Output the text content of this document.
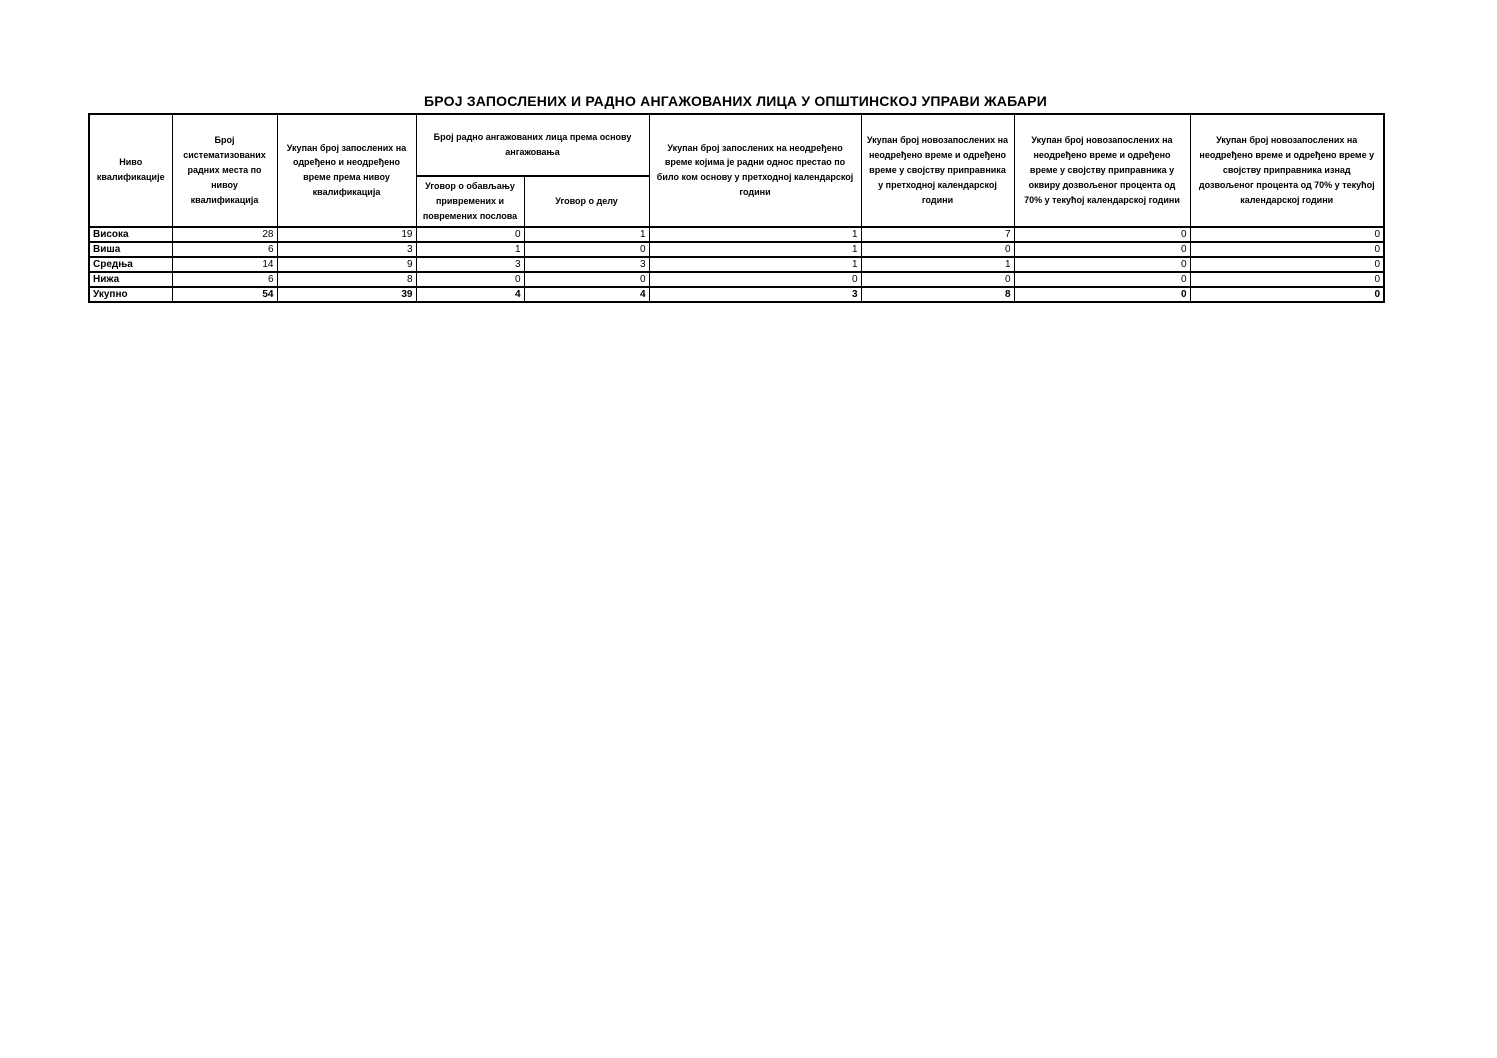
БРОЈ ЗАПОСЛЕНИХ И РАДНО АНГАЖОВАНИХ ЛИЦА У ОПШТИНСКОЈ УПРАВИ ЖАБАРИ
Ниво квалификације	Број систематизованих радних места по нивоу квалификација	Укупан број запослених на одређено и неодређено време према нивоу квалификација	Број радно ангажованих лица према основу ангажовања		Укупан број запослених на неодређено време којима је радни однос престао по било ком основу у претходној календарској години	Укупан број новозапослених на неодређено време и одређено време у својству приправника у претходној календарској години	Укупан број новозапослених на неодређено време и одређено време у својству приправника у оквиру дозвољеног процента од 70% у текућој календарској години	Укупан број новозапослених на неодређено време и одређено време у својству приправника изнад дозвољеног процента од 70% у текућој календарској години
			Уговор о обављању привремених и повремених послова	Уговор о делу				
Висока	28	19	0	1	1	7	0	0
Виша	6	3	1	0	1	0	0	0
Средња	14	9	3	3	1	1	0	0
Нижа	6	8	0	0	0	0	0	0
Укупно	54	39	4	4	3	8	0	0
